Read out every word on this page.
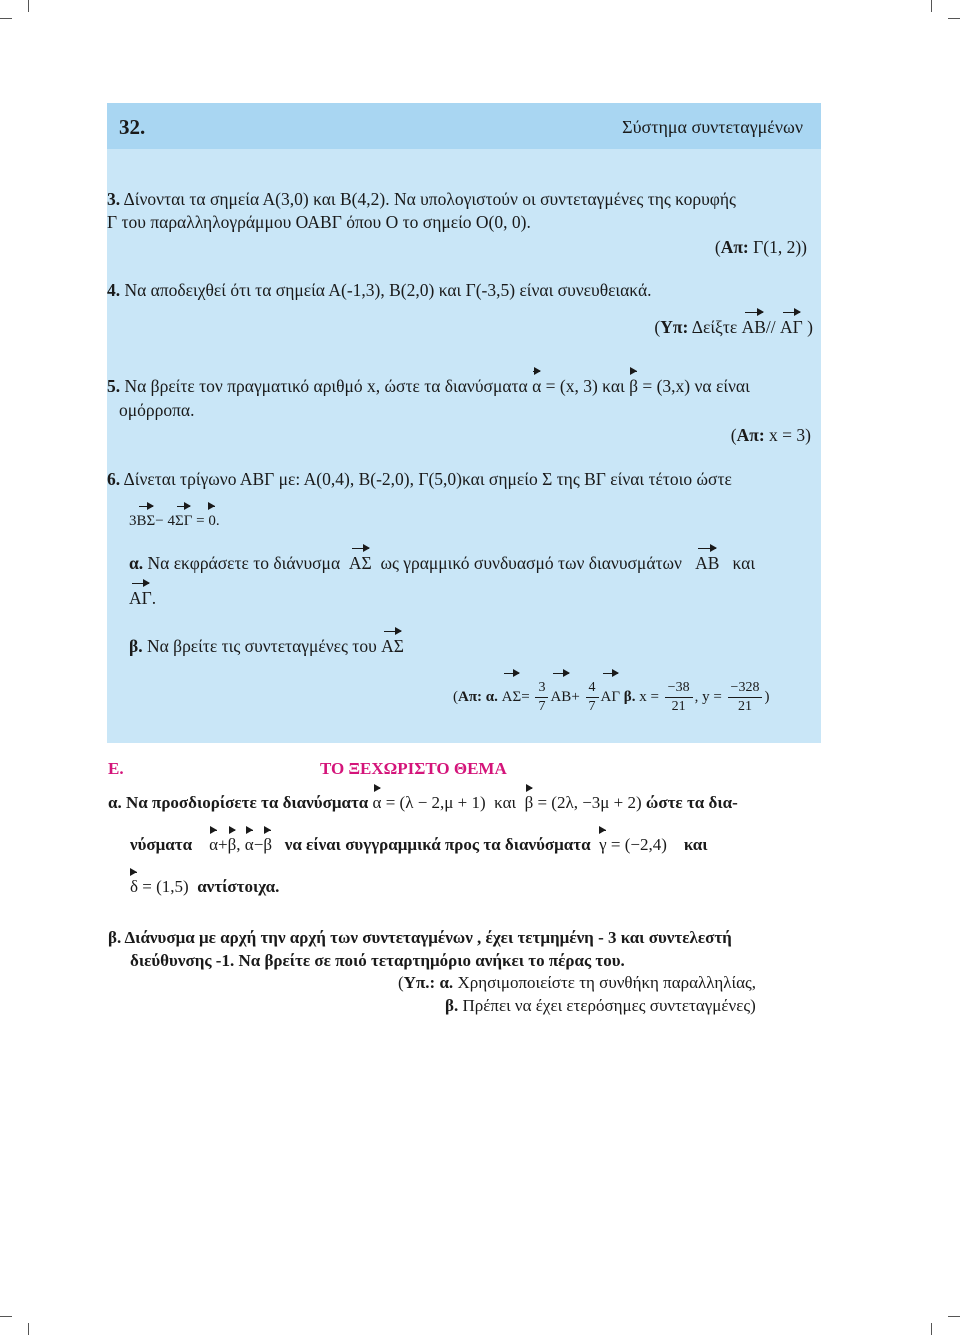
32.	Σύστημα συντεταγμένων
3. Δίνονται τα σημεία Α(3,0) και Β(4,2). Να υπολογιστούν οι συντεταγμένες της κορυφής
Γ του παραλληλογράμμου ΟΑΒΓ όπου Ο το σημείο Ο(0, 0).
(Απ: Γ(1, 2))
4. Να αποδειχθεί ότι τα σημεία Α(-1,3), Β(2,0) και Γ(-3,5) είναι συνευθειακά.
(Υπ: Δείξτε ΑΒ// ΑΓ )
5. Να βρείτε τον πραγματικό αριθμό x, ώστε τα διανύσματα α = (x, 3) και β = (3,x) να είναι
ομόρροπα.
(Απ: x = 3)
6. Δίνεται τρίγωνο ΑΒΓ με: Α(0,4), Β(-2,0), Γ(5,0)και σημείο Σ της ΒΓ είναι τέτοιο ώστε
3ΒΣ− 4ΣΓ = 0.
α. Να εκφράσετε το διάνυσμα ΑΣ ως γραμμικό συνδυασμό των διανυσμάτων ΑΒ και
ΑΓ.
β. Να βρείτε τις συντεταγμένες του ΑΣ
(Απ: α. $A\Sigma= \frac{3}{7} AB+ \frac{4}{7}$ ΑΓ β. $x = \frac{-38}{21}$ , $y = \frac{-328}{21}$ )
Ε.	ΤΟ ΞΕΧΩΡΙΣΤΟ ΘΕΜΑ
α. Να προσδιορίσετε τα διανύσματα α = (λ − 2,μ + 1) και β = (2λ, −3μ + 2) ώστε τα δια-
νύσματα α+β, α−β να είναι συγγραμμικά προς τα διανύσματα γ = (−2,4) και
δ = (1,5) αντίστοιχα.
β. Διάνυσμα με αρχή την αρχή των συντεταγμένων , έχει τετμημένη - 3 και συντελεστή
διεύθυνσης -1. Να βρείτε σε ποιό τεταρτημόριο ανήκει το πέρας του.
(Υπ.: α. Χρησιμοποιείστε τη συνθήκη παραλληλίας,
β. Πρέπει να έχει ετερόσημες συντεταγμένες)
